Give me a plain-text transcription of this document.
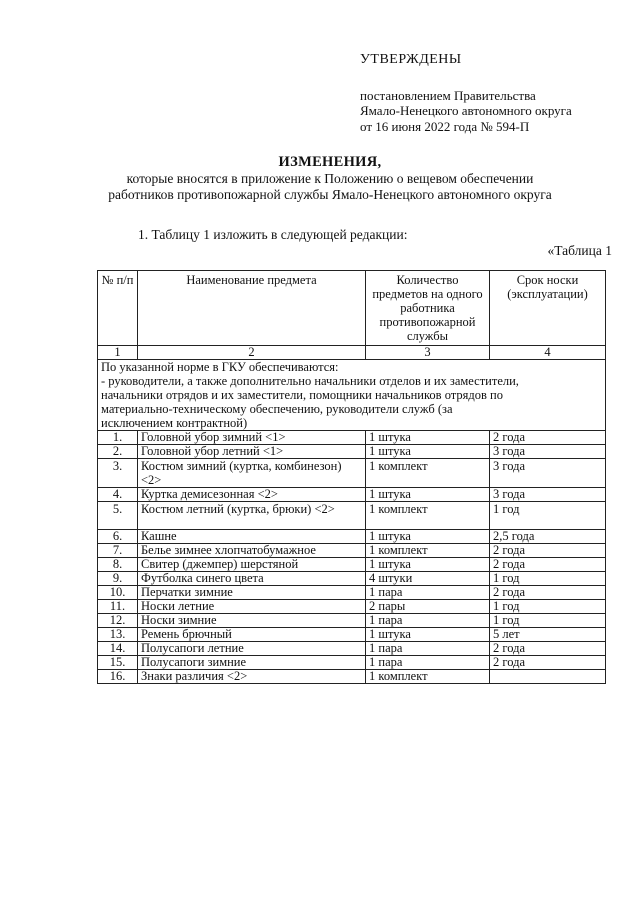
УТВЕРЖДЕНЫ
постановлением Правительства
Ямало-Ненецкого автономного округа
от 16 июня 2022 года № 594-П
ИЗМЕНЕНИЯ,
которые вносятся в приложение к Положению о вещевом обеспечении
работников противопожарной службы Ямало-Ненецкого автономного округа
1. Таблицу 1 изложить в следующей редакции:
«Таблица 1
№ п/п	Наименование предмета	Количество предметов на одного работника противопожарной службы	Срок носки (эксплуатации)
1	2	3	4

По указанной норме в ГКУ обеспечиваются:
- руководители, а также дополнительно начальники отделов и их заместители,
начальники отрядов и их заместители, помощники начальников отрядов по
материально-техническому обеспечению, руководители служб (за
исключением контрактной)			

1.	Головной убор зимний <1>	1 штука	2 года
2.	Головной убор летний <1>	1 штука	3 года
3.	Костюм зимний (куртка, комбинезон) <2>	1 комплект	3 года
4.	Куртка демисезонная <2>	1 штука	3 года
5.	Костюм летний (куртка, брюки) <2>	1 комплект	1 год
6.	Кашне	1 штука	2,5 года
7.	Белье зимнее хлопчатобумажное	1 комплект	2 года
8.	Свитер (джемпер) шерстяной	1 штука	2 года
9.	Футболка синего цвета	4 штуки	1 год
10.	Перчатки зимние	1 пара	2 года
11.	Носки летние	2 пары	1 год
12.	Носки зимние	1 пара	1 год
13.	Ремень брючный	1 штука	5 лет
14.	Полусапоги летние	1 пара	2 года
15.	Полусапоги зимние	1 пара	2 года
16.	Знаки различия <2>	1 комплект	
